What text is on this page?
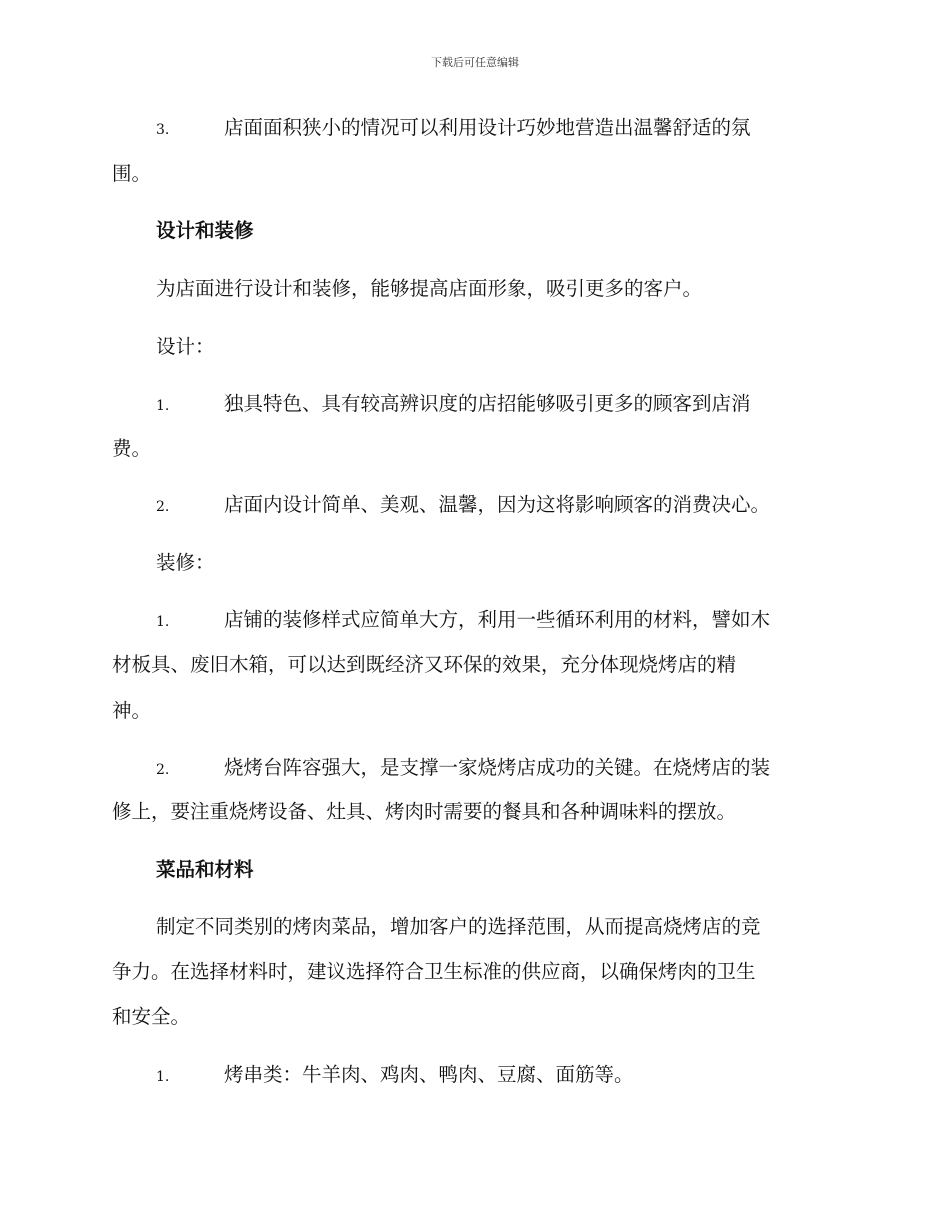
下载后可任意编辑
3.	店面面积狭小的情况可以利用设计巧妙地营造出温馨舒适的氛
围。
设计和装修
为店面进行设计和装修，能够提高店面形象，吸引更多的客户。
设计：
1.	独具特色、具有较高辨识度的店招能够吸引更多的顾客到店消
费。
2.	店面内设计简单、美观、温馨，因为这将影响顾客的消费决心。
装修：
1.	店铺的装修样式应简单大方，利用一些循环利用的材料，譬如木
材板具、废旧木箱，可以达到既经济又环保的效果，充分体现烧烤店的精
神。
2.	烧烤台阵容强大，是支撑一家烧烤店成功的关键。在烧烤店的装
修上，要注重烧烤设备、灶具、烤肉时需要的餐具和各种调味料的摆放。
菜品和材料
制定不同类别的烤肉菜品，增加客户的选择范围，从而提高烧烤店的竞
争力。在选择材料时，建议选择符合卫生标准的供应商，以确保烤肉的卫生
和安全。
1.	烤串类：牛羊肉、鸡肉、鸭肉、豆腐、面筋等。
